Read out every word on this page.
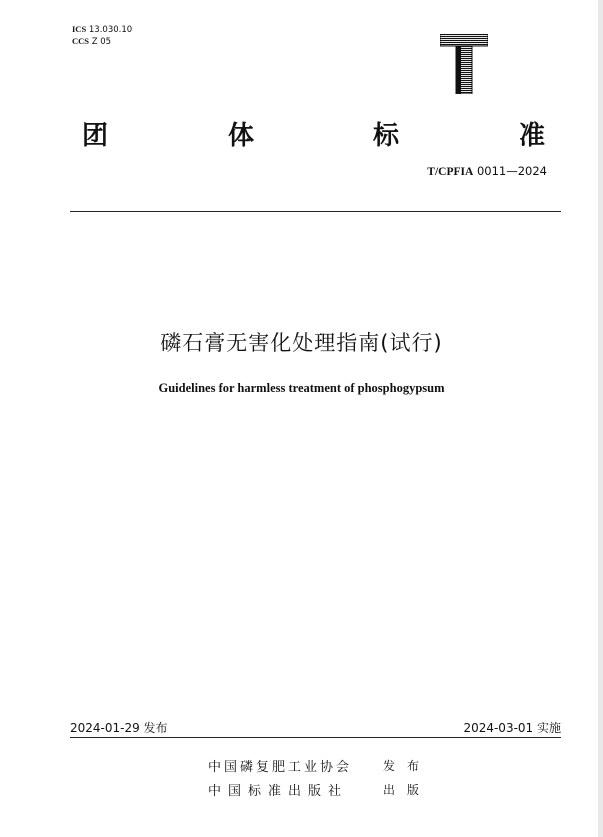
ICS 13.030.10
CCS Z 05
团	体	标	准
T/CPFIA 0011—2024
磷石膏无害化处理指南(试行)
Guidelines for harmless treatment of phosphogypsum
2024-01-29 发布	2024-03-01 实施
中国磷复肥工业协会	发布
中国标准出版社	出版
